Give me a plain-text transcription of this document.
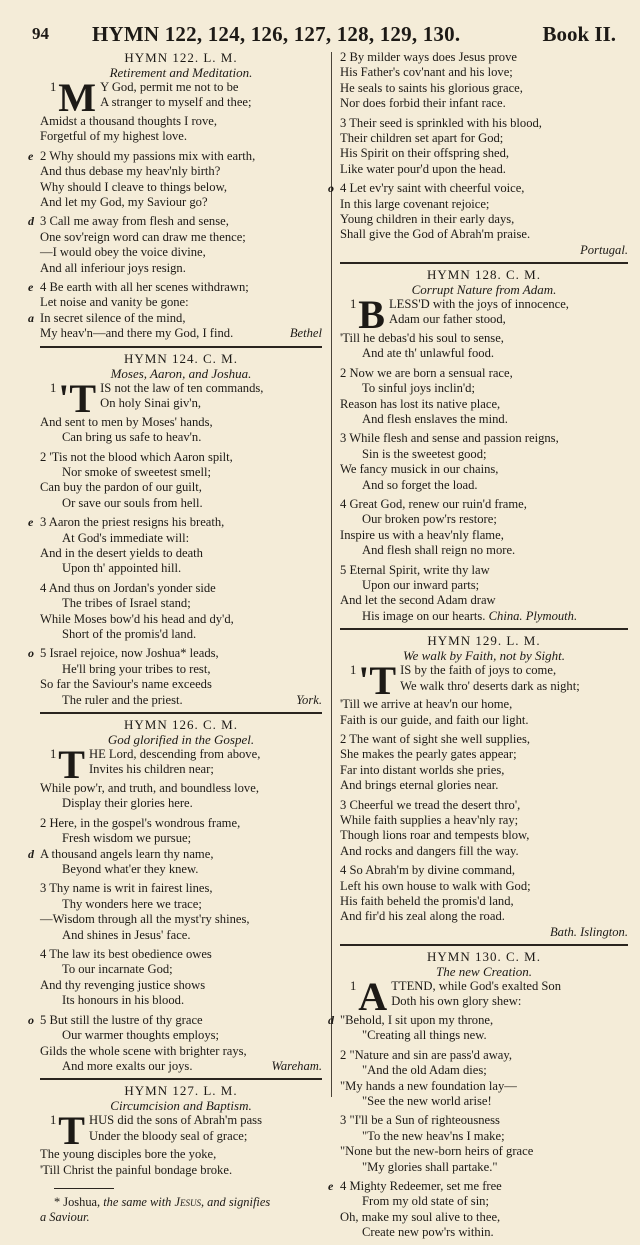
94 HYMN 122, 124, 126, 127, 128, 129, 130.	Book II.
HYMN 122. L. M.
Retirement and Meditation.
1 M Y God, permit me not to be
A stranger to myself and thee;
Amidst a thousand thoughts I rove,
Forgetful of my highest love.
e 2 Why should my passions mix with earth,
And thus debase my heav'nly birth?
Why should I cleave to things below,
And let my God, my Saviour go?
d 3 Call me away from flesh and sense,
One sov'reign word can draw me thence;
—I would obey the voice divine,
And all inferiour joys resign.
e 4 Be earth with all her scenes withdrawn;
Let noise and vanity be gone:
a In secret silence of the mind,
My heav'n—and there my God, I find.	Bethel
HYMN 124. C. M.
Moses, Aaron, and Joshua.
1 'T IS not the law of ten commands,
On holy Sinai giv'n,
And sent to men by Moses' hands,
Can bring us safe to heav'n.
2 'Tis not the blood which Aaron spilt,
Nor smoke of sweetest smell;
Can buy the pardon of our guilt,
Or save our souls from hell.
e 3 Aaron the priest resigns his breath,
At God's immediate will:
And in the desert yields to death
Upon th' appointed hill.
4 And thus on Jordan's yonder side
The tribes of Israel stand;
While Moses bow'd his head and dy'd,
Short of the promis'd land.
o 5 Israel rejoice, now Joshua* leads,
He'll bring your tribes to rest,
So far the Saviour's name exceeds
The ruler and the priest.	York.
HYMN 126. C. M.
God glorified in the Gospel.
1 T HE Lord, descending from above,
Invites his children near;
While pow'r, and truth, and boundless love,
Display their glories here.
2 Here, in the gospel's wondrous frame,
Fresh wisdom we pursue;
d A thousand angels learn thy name,
Beyond what'er they knew.
3 Thy name is writ in fairest lines,
Thy wonders here we trace;
—Wisdom through all the myst'ry shines,
And shines in Jesus' face.
4 The law its best obedience owes
To our incarnate God;
And thy revenging justice shows
Its honours in his blood.
o 5 But still the lustre of thy grace
Our warmer thoughts employs;
Gilds the whole scene with brighter rays,
And more exalts our joys.	Wareham.
HYMN 127. L. M.
Circumcision and Baptism.
1 T HUS did the sons of Abrah'm pass
Under the bloody seal of grace;
The young disciples bore the yoke,
'Till Christ the painful bondage broke.
* Joshua, the same with Jesus, and signifies
a Saviour.
2 By milder ways does Jesus prove
His Father's cov'nant and his love;
He seals to saints his glorious grace,
Nor does forbid their infant race.
3 Their seed is sprinkled with his blood,
Their children set apart for God;
His Spirit on their offspring shed,
Like water pour'd upon the head.
o 4 Let ev'ry saint with cheerful voice,
In this large covenant rejoice;
Young children in their early days,
Shall give the God of Abrah'm praise.
Portugal.
HYMN 128. C. M.
Corrupt Nature from Adam.
1 B LESS'D with the joys of innocence,
Adam our father stood,
'Till he debas'd his soul to sense,
And ate th' unlawful food.
2 Now we are born a sensual race,
To sinful joys inclin'd;
Reason has lost its native place,
And flesh enslaves the mind.
3 While flesh and sense and passion reigns,
Sin is the sweetest good;
We fancy musick in our chains,
And so forget the load.
4 Great God, renew our ruin'd frame,
Our broken pow'rs restore;
Inspire us with a heav'nly flame,
And flesh shall reign no more.
5 Eternal Spirit, write thy law
Upon our inward parts;
And let the second Adam draw
His image on our hearts. China. Plymouth.
HYMN 129. L. M.
We walk by Faith, not by Sight.
1 'T IS by the faith of joys to come,
We walk thro' deserts dark as night;
'Till we arrive at heav'n our home,
Faith is our guide, and faith our light.
2 The want of sight she well supplies,
She makes the pearly gates appear;
Far into distant worlds she pries,
And brings eternal glories near.
3 Cheerful we tread the desert thro',
While faith supplies a heav'nly ray;
Though lions roar and tempests blow,
And rocks and dangers fill the way.
4 So Abrah'm by divine command,
Left his own house to walk with God;
His faith beheld the promis'd land,
And fir'd his zeal along the road.
Bath. Islington.
HYMN 130. C. M.
The new Creation.
1 A TTEND, while God's exalted Son
Doth his own glory shew:
d "Behold, I sit upon my throne,
"Creating all things new.
2 "Nature and sin are pass'd away,
"And the old Adam dies;
"My hands a new foundation lay—
"See the new world arise!
3 "I'll be a Sun of righteousness
"To the new heav'ns I make;
"None but the new-born heirs of grace
"My glories shall partake."
e 4 Mighty Redeemer, set me free
From my old state of sin;
Oh, make my soul alive to thee,
Create new pow'rs within.
